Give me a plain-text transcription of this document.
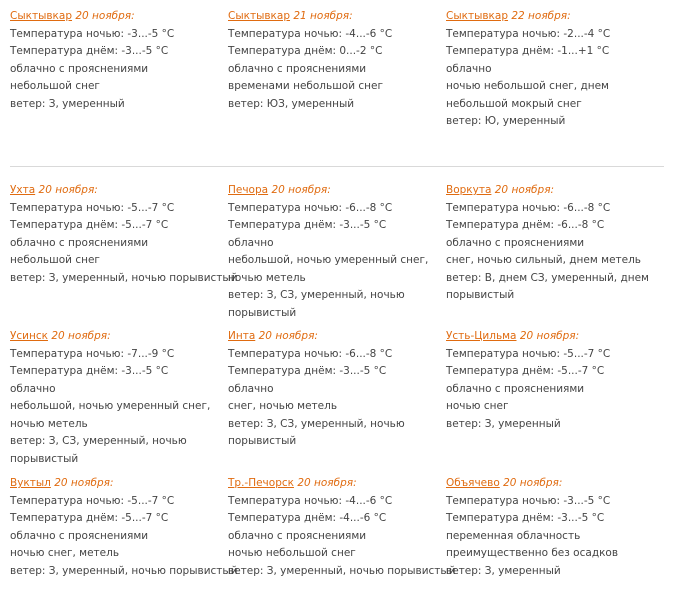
Сыктывкар 20 ноября:
Температура ночью: -3...-5 °C
Температура днём: -3...-5 °C
облачно с прояснениями
небольшой снег
ветер: З, умеренный
Сыктывкар 21 ноября:
Температура ночью: -4...-6 °C
Температура днём: 0...-2 °C
облачно с прояснениями
временами небольшой снег
ветер: ЮЗ, умеренный
Сыктывкар 22 ноября:
Температура ночью: -2...-4 °C
Температура днём: -1...+1 °C
облачно
ночью небольшой снег, днем небольшой мокрый снег
ветер: Ю, умеренный
Ухта 20 ноября:
Температура ночью: -5...-7 °C
Температура днём: -5...-7 °C
облачно с прояснениями
небольшой снег
ветер: З, умеренный, ночью порывистый
Печора 20 ноября:
Температура ночью: -6...-8 °C
Температура днём: -3...-5 °C
облачно
небольшой, ночью умеренный снег, ночью метель
ветер: З, СЗ, умеренный, ночью порывистый
Воркута 20 ноября:
Температура ночью: -6...-8 °C
Температура днём: -6...-8 °C
облачно с прояснениями
снег, ночью сильный, днем метель
ветер: В, днем СЗ, умеренный, днем порывистый
Усинск 20 ноября:
Температура ночью: -7...-9 °C
Температура днём: -3...-5 °C
облачно
небольшой, ночью умеренный снег, ночью метель
ветер: З, СЗ, умеренный, ночью порывистый
Инта 20 ноября:
Температура ночью: -6...-8 °C
Температура днём: -3...-5 °C
облачно
снег, ночью метель
ветер: З, СЗ, умеренный, ночью порывистый
Усть-Цильма 20 ноября:
Температура ночью: -5...-7 °C
Температура днём: -5...-7 °C
облачно с прояснениями
ночью снег
ветер: З, умеренный
Вуктыл 20 ноября:
Температура ночью: -5...-7 °C
Температура днём: -5...-7 °C
облачно с прояснениями
ночью снег, метель
ветер: З, умеренный, ночью порывистый
Тр.-Печорск 20 ноября:
Температура ночью: -4...-6 °C
Температура днём: -4...-6 °C
облачно с прояснениями
ночью небольшой снег
ветер: З, умеренный, ночью порывистый
Объячево 20 ноября:
Температура ночью: -3...-5 °C
Температура днём: -3...-5 °C
переменная облачность
преимущественно без осадков
ветер: З, умеренный
